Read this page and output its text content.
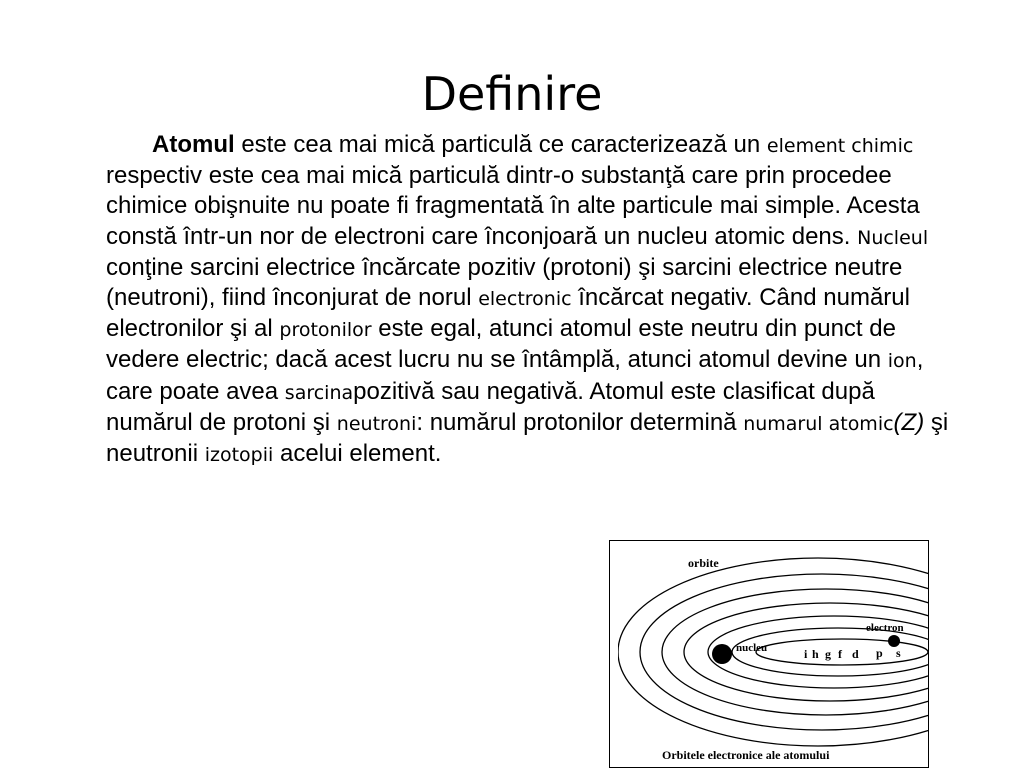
Definire

Atomul este cea mai mică particulă ce caracterizează un element chimic respectiv este cea mai mică particulă dintr-o substanţă care prin procedee chimice obişnuite nu poate fi fragmentată în alte particule mai simple. Acesta constă într-un nor de electroni care înconjoară un nucleu atomic dens. Nucleul conţine sarcini electrice încărcate pozitiv (protoni) şi sarcini electrice neutre (neutroni), fiind înconjurat de norul electronic încărcat negativ. Când numărul electronilor şi al protonilor este egal, atunci atomul este neutru din punct de vedere electric; dacă acest lucru nu se întâmplă, atunci atomul devine un ion, care poate avea sarcinapozitivă sau negativă. Atomul este clasificat după numărul de protoni şi neutroni: numărul protonilor determină numarul atomic(Z) şi neutronii izotopii acelui element.

orbite
electron
nucleu	i h g f d p s
Orbitele electronice ale atomului
